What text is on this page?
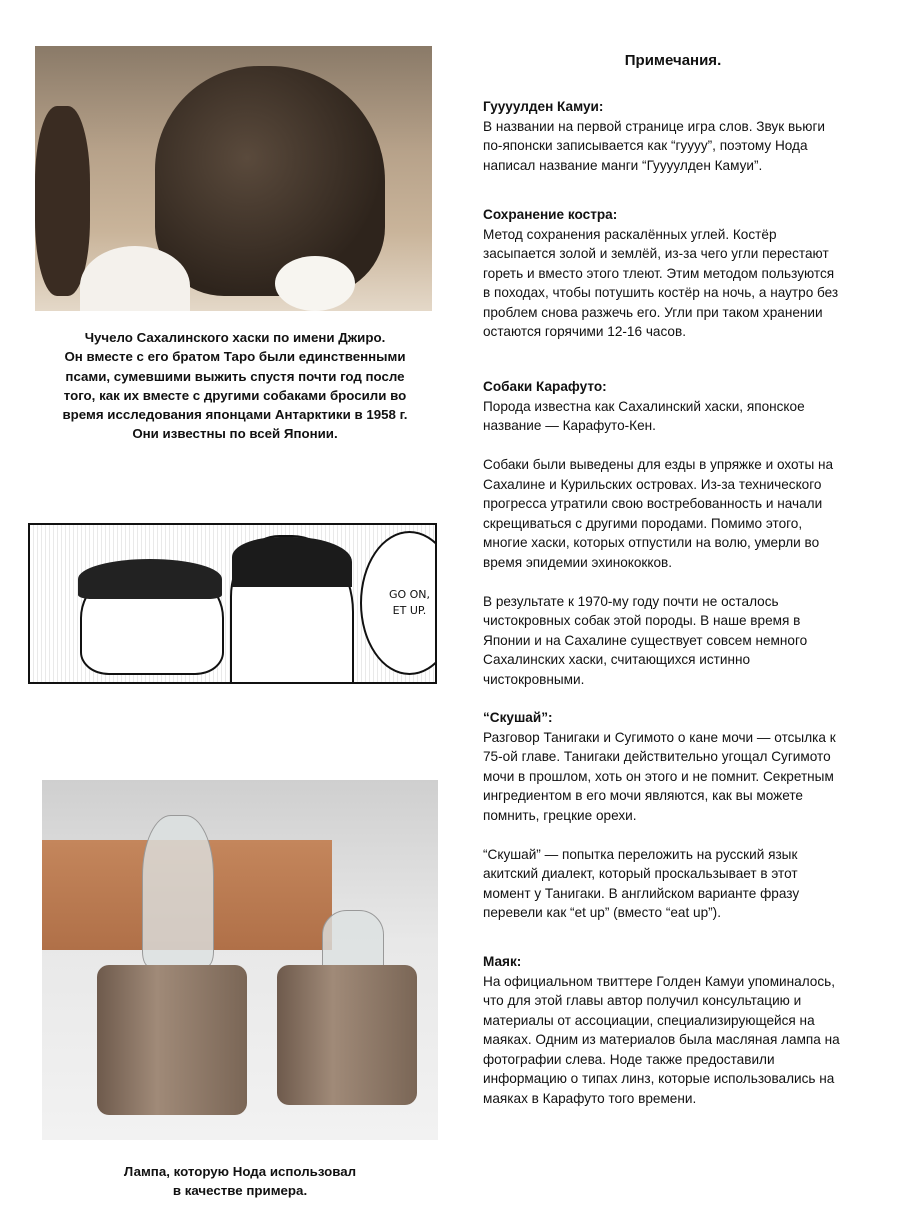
Чучело Сахалинского хаски по имени Джиро.
Он вместе с его братом Таро были единственными
псами, сумевшими выжить спустя почти год после
того, как их вместе с другими собаками бросили во
время исследования японцами Антарктики в 1958 г.
Они известны по всей Японии.
GO ON,
ET UP.
Лампа, которую Нода использовал
в качестве примера.
Примечания.
Гуууулден Камуи:
В названии на первой странице игра слов. Звук вьюги
по-японски записывается как “гуууу”, поэтому Нода
написал название манги “Гуууулден Камуи”.
Сохранение костра:
Метод сохранения раскалённых углей. Костёр
засыпается золой и землёй, из-за чего угли перестают
гореть и вместо этого тлеют. Этим методом пользуются
в походах, чтобы потушить костёр на ночь, а наутро без
проблем снова разжечь его. Угли при таком хранении
остаются горячими 12-16 часов.
Собаки Карафуто:
Порода известна как Сахалинский хаски, японское
название — Карафуто-Кен.
Собаки были выведены для езды в упряжке и охоты на
Сахалине и Курильских островах. Из-за технического
прогресса утратили свою востребованность и начали
скрещиваться с другими породами. Помимо этого,
многие хаски, которых отпустили на волю, умерли во
время эпидемии эхинококков.
В результате к 1970-му году почти не осталось
чистокровных собак этой породы. В наше время в
Японии и на Сахалине существует совсем немного
Сахалинских хаски, считающихся истинно
чистокровными.
“Скушай”:
Разговор Танигаки и Сугимото о кане мочи — отсылка к
75-ой главе. Танигаки действительно угощал Сугимото
мочи в прошлом, хоть он этого и не помнит. Секретным
ингредиентом в его мочи являются, как вы можете
помнить, грецкие орехи.
“Скушай” — попытка переложить на русский язык
акитский диалект, который проскальзывает в этот
момент у Танигаки. В английском варианте фразу
перевели как “et up” (вместо “eat up”).
Маяк:
На официальном твиттере Голден Камуи упоминалось,
что для этой главы автор получил консультацию и
материалы от ассоциации, специализирующейся на
маяках. Одним из материалов была масляная лампа на
фотографии слева. Ноде также предоставили
информацию о типах линз, которые использовались на
маяках в Карафуто того времени.
